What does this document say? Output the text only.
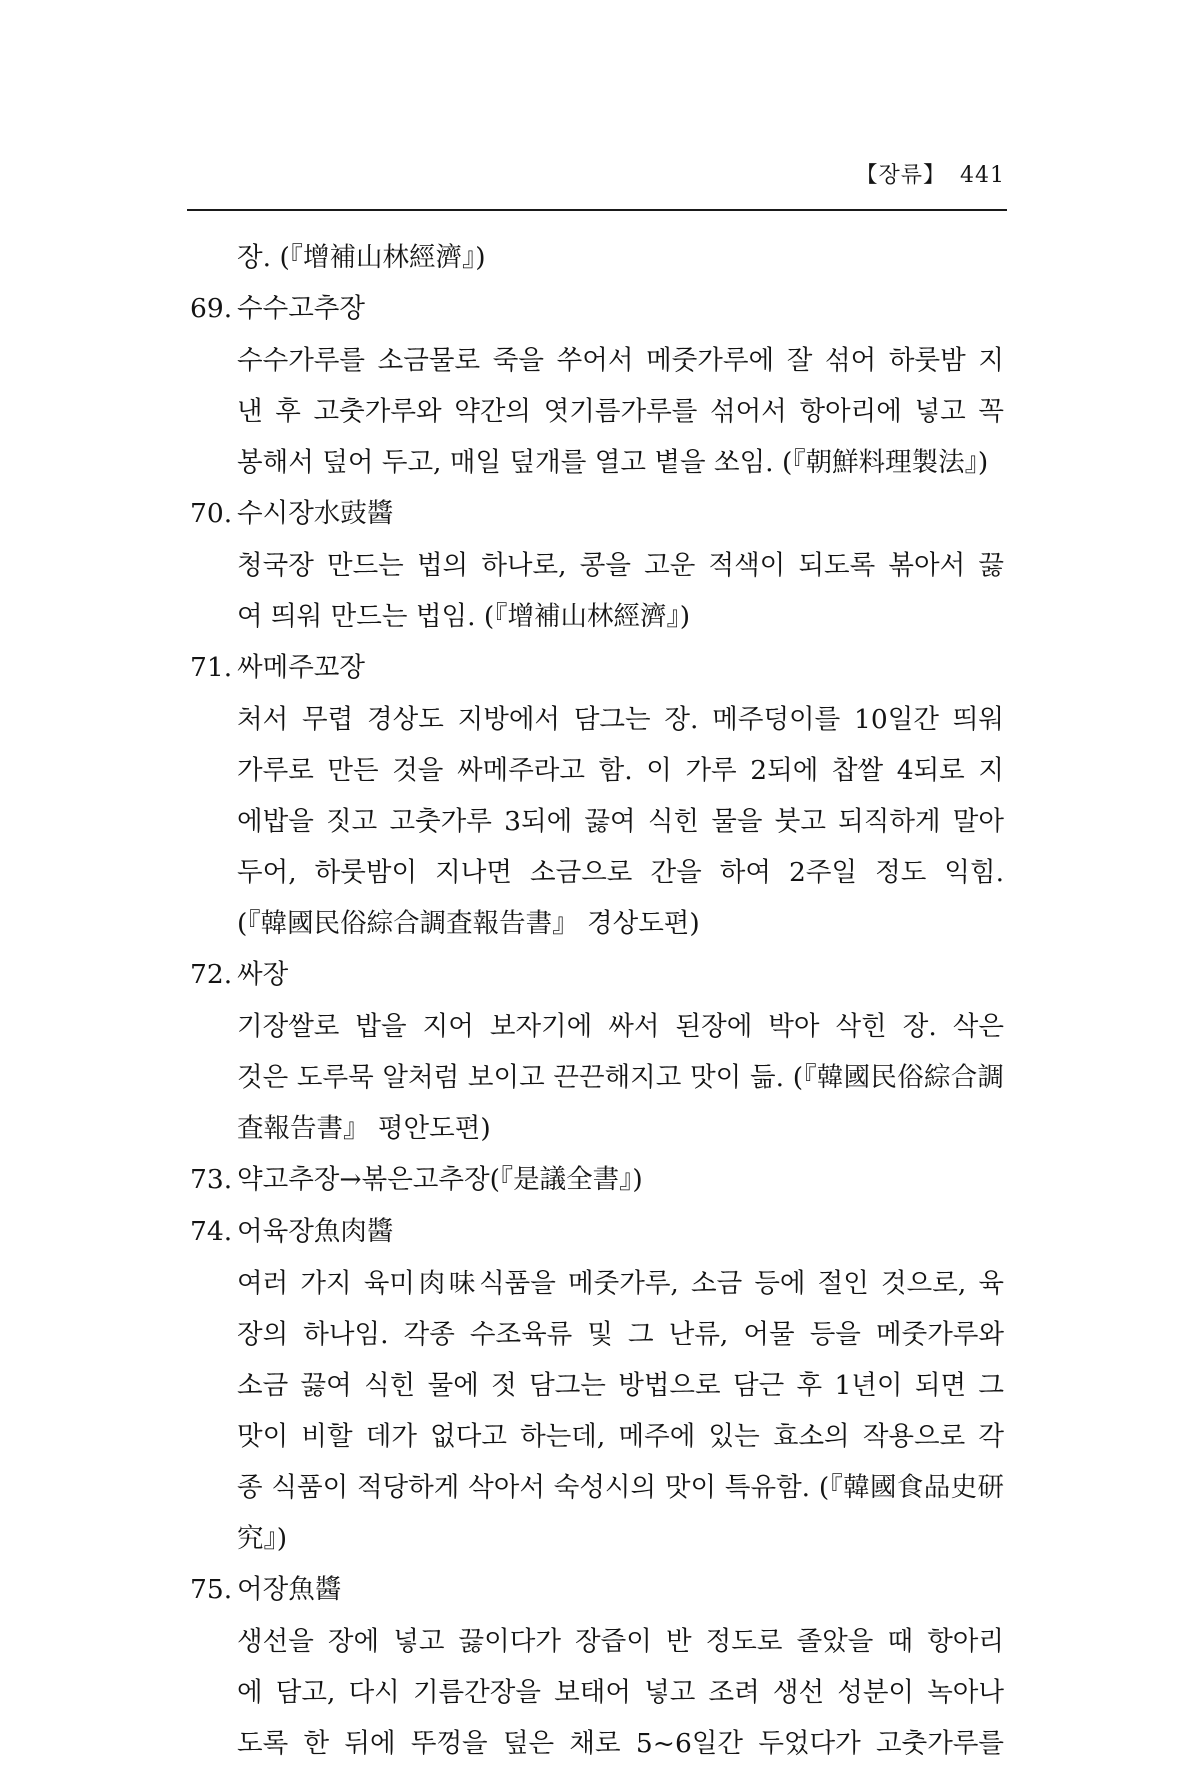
【장류】 441
장. (『增補山林經濟』)
69. 수수고추장
수수가루를 소금물로 죽을 쑤어서 메줏가루에 잘 섞어 하룻밤 지
낸 후 고춧가루와 약간의 엿기름가루를 섞어서 항아리에 넣고 꼭
봉해서 덮어 두고, 매일 덮개를 열고 볕을 쏘임. (『朝鮮料理製法』)
70. 수시장水豉醬
청국장 만드는 법의 하나로, 콩을 고운 적색이 되도록 볶아서 끓
여 띄워 만드는 법임. (『增補山林經濟』)
71. 싸메주꼬장
처서 무렵 경상도 지방에서 담그는 장. 메주덩이를 10일간 띄워
가루로 만든 것을 싸메주라고 함. 이 가루 2되에 찹쌀 4되로 지
에밥을 짓고 고춧가루 3되에 끓여 식힌 물을 붓고 되직하게 말아
두어, 하룻밤이 지나면 소금으로 간을 하여 2주일 정도 익힘.
(『韓國民俗綜合調査報告書』 경상도편)
72. 싸장
기장쌀로 밥을 지어 보자기에 싸서 된장에 박아 삭힌 장. 삭은
것은 도루묵 알처럼 보이고 끈끈해지고 맛이 듦. (『韓國民俗綜合調
査報告書』 평안도편)
73. 약고추장→볶은고추장(『是議全書』)
74. 어육장魚肉醬
여러 가지 육미肉味식품을 메줏가루, 소금 등에 절인 것으로, 육
장의 하나임. 각종 수조육류 및 그 난류, 어물 등을 메줏가루와
소금 끓여 식힌 물에 젓 담그는 방법으로 담근 후 1년이 되면 그
맛이 비할 데가 없다고 하는데, 메주에 있는 효소의 작용으로 각
종 식품이 적당하게 삭아서 숙성시의 맛이 특유함. (『韓國食品史研
究』)
75. 어장魚醬
생선을 장에 넣고 끓이다가 장즙이 반 정도로 졸았을 때 항아리
에 담고, 다시 기름간장을 보태어 넣고 조려 생선 성분이 녹아나
도록 한 뒤에 뚜껑을 덮은 채로 5~6일간 두었다가 고춧가루를
